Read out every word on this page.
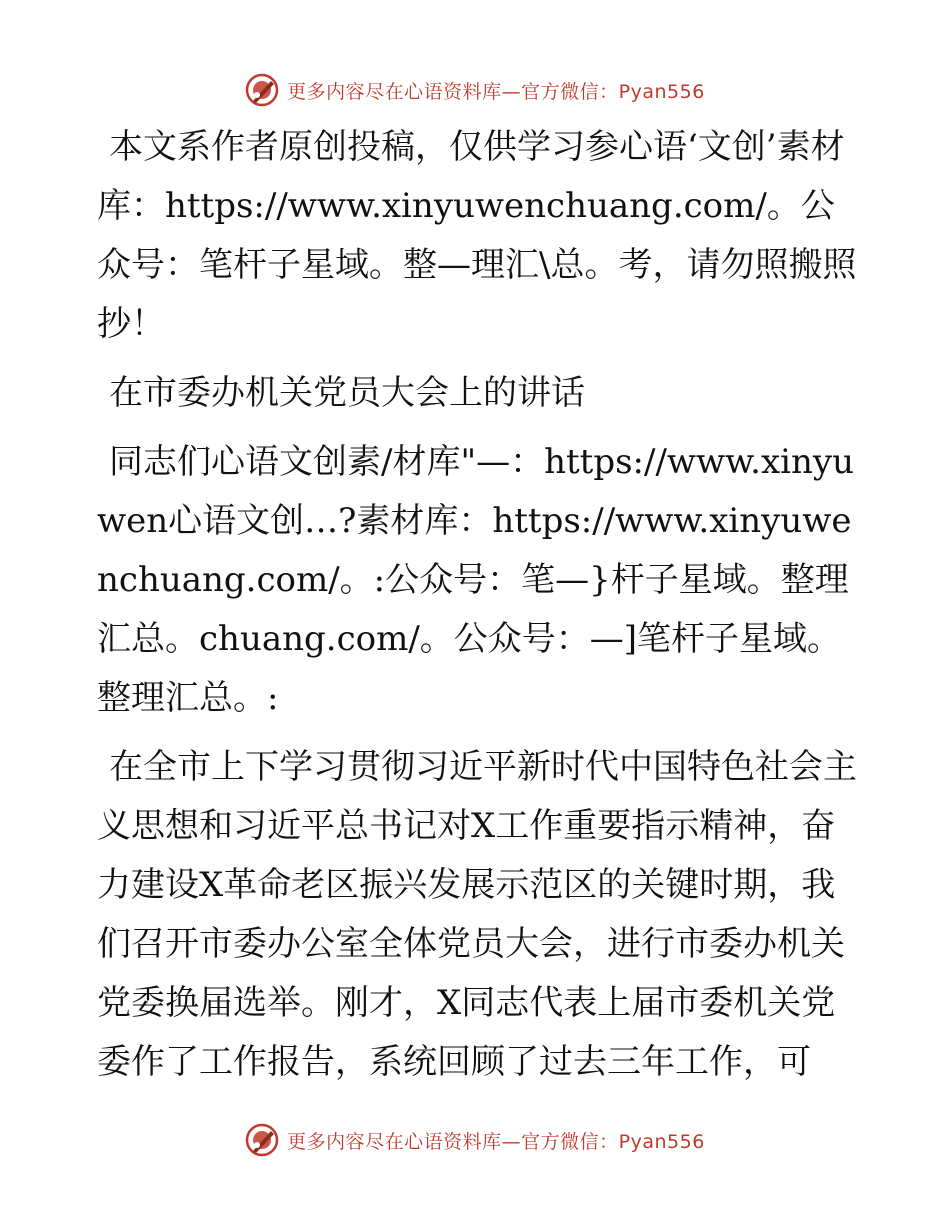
更多内容尽在心语资料库—官方微信：Pyan556

本文系作者原创投稿，仅供学习参心语‘文创’素材库：https://www.xinyuwenchuang.com/。公众号：笔杆子星域。整—理汇\总。考，请勿照搬照抄！

在市委办机关党员大会上的讲话

同志们心语文创素/材库"—：https://www.xinyuwen心语文创…?素材库：https://www.xinyuwenchuang.com/。:公众号：笔—}杆子星域。整理汇总。chuang.com/。公众号：—]笔杆子星域。整理汇总。:

在全市上下学习贯彻习近平新时代中国特色社会主义思想和习近平总书记对X工作重要指示精神，奋力建设X革命老区振兴发展示范区的关键时期，我们召开市委办公室全体党员大会，进行市委办机关党委换届选举。刚才，X同志代表上届市委机关党委作了工作报告，系统回顾了过去三年工作，可

更多内容尽在心语资料库—官方微信：Pyan556
